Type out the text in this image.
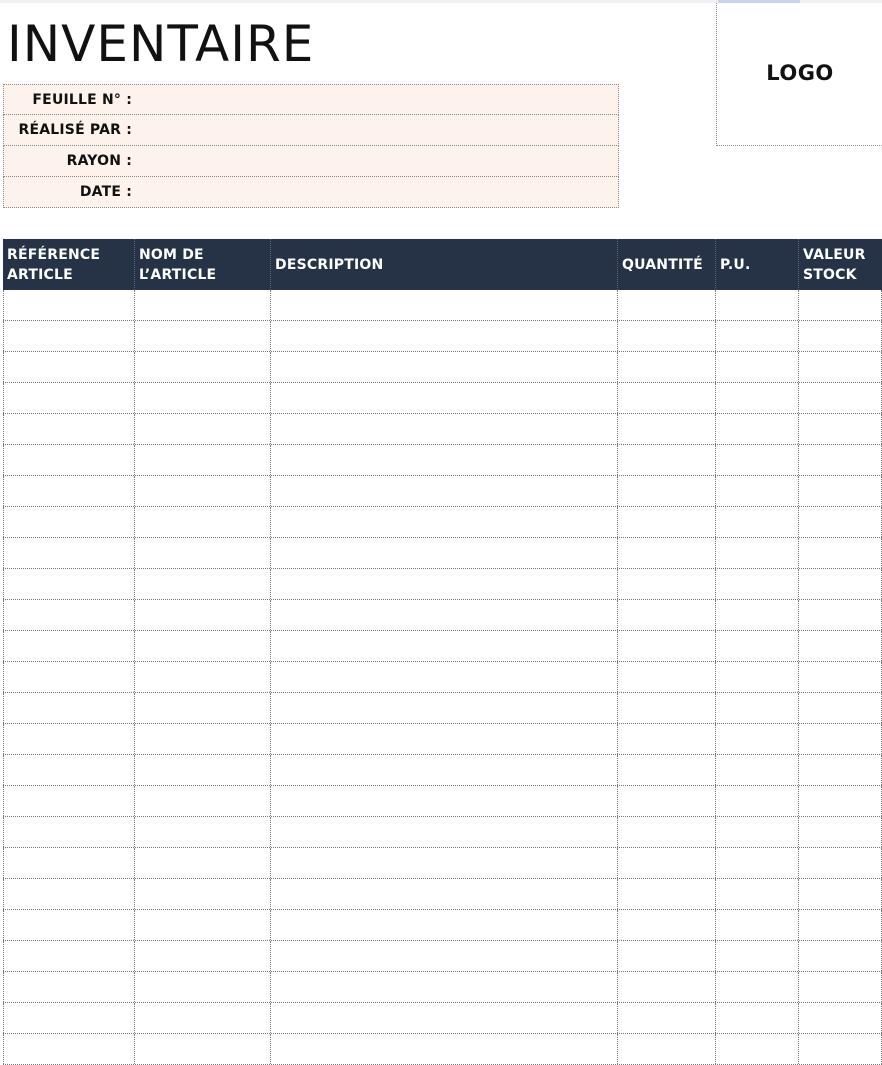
INVENTAIRE	LOGO
FEUILLE N° :
RÉALISÉ PAR :
RAYON :
DATE :
RÉFÉRENCE
ARTICLE
NOM DE
L’ARTICLE
DESCRIPTION	QUANTITÉ P.U.
VALEUR
STOCK
